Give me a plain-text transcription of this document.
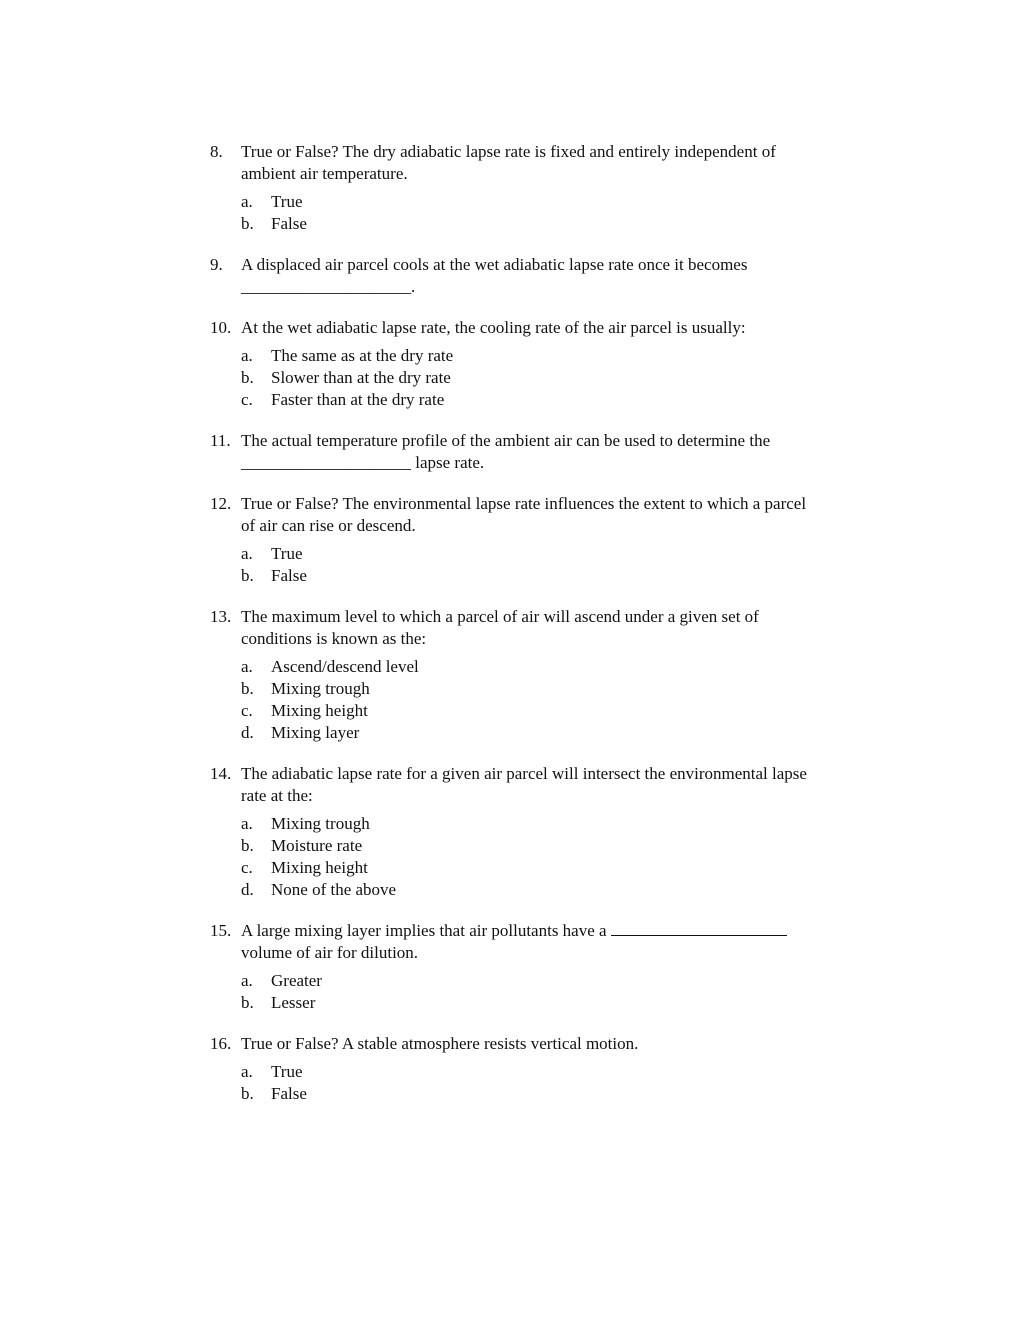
8. True or False? The dry adiabatic lapse rate is fixed and entirely independent of
ambient air temperature.
a. True
b. False
9. A displaced air parcel cools at the wet adiabatic lapse rate once it becomes
____________________.
10. At the wet adiabatic lapse rate, the cooling rate of the air parcel is usually:
a. The same as at the dry rate
b. Slower than at the dry rate
c. Faster than at the dry rate
11. The actual temperature profile of the ambient air can be used to determine the
____________________ lapse rate.
12. True or False? The environmental lapse rate influences the extent to which a parcel
of air can rise or descend.
a. True
b. False
13. The maximum level to which a parcel of air will ascend under a given set of
conditions is known as the:
a. Ascend/descend level
b. Mixing trough
c. Mixing height
d. Mixing layer
14. The adiabatic lapse rate for a given air parcel will intersect the environmental lapse
rate at the:
a. Mixing trough
b. Moisture rate
c. Mixing height
d. None of the above
15. A large mixing layer implies that air pollutants have a
volume of air for dilution.
a. Greater
b. Lesser
16. True or False? A stable atmosphere resists vertical motion.
a. True
b. False
